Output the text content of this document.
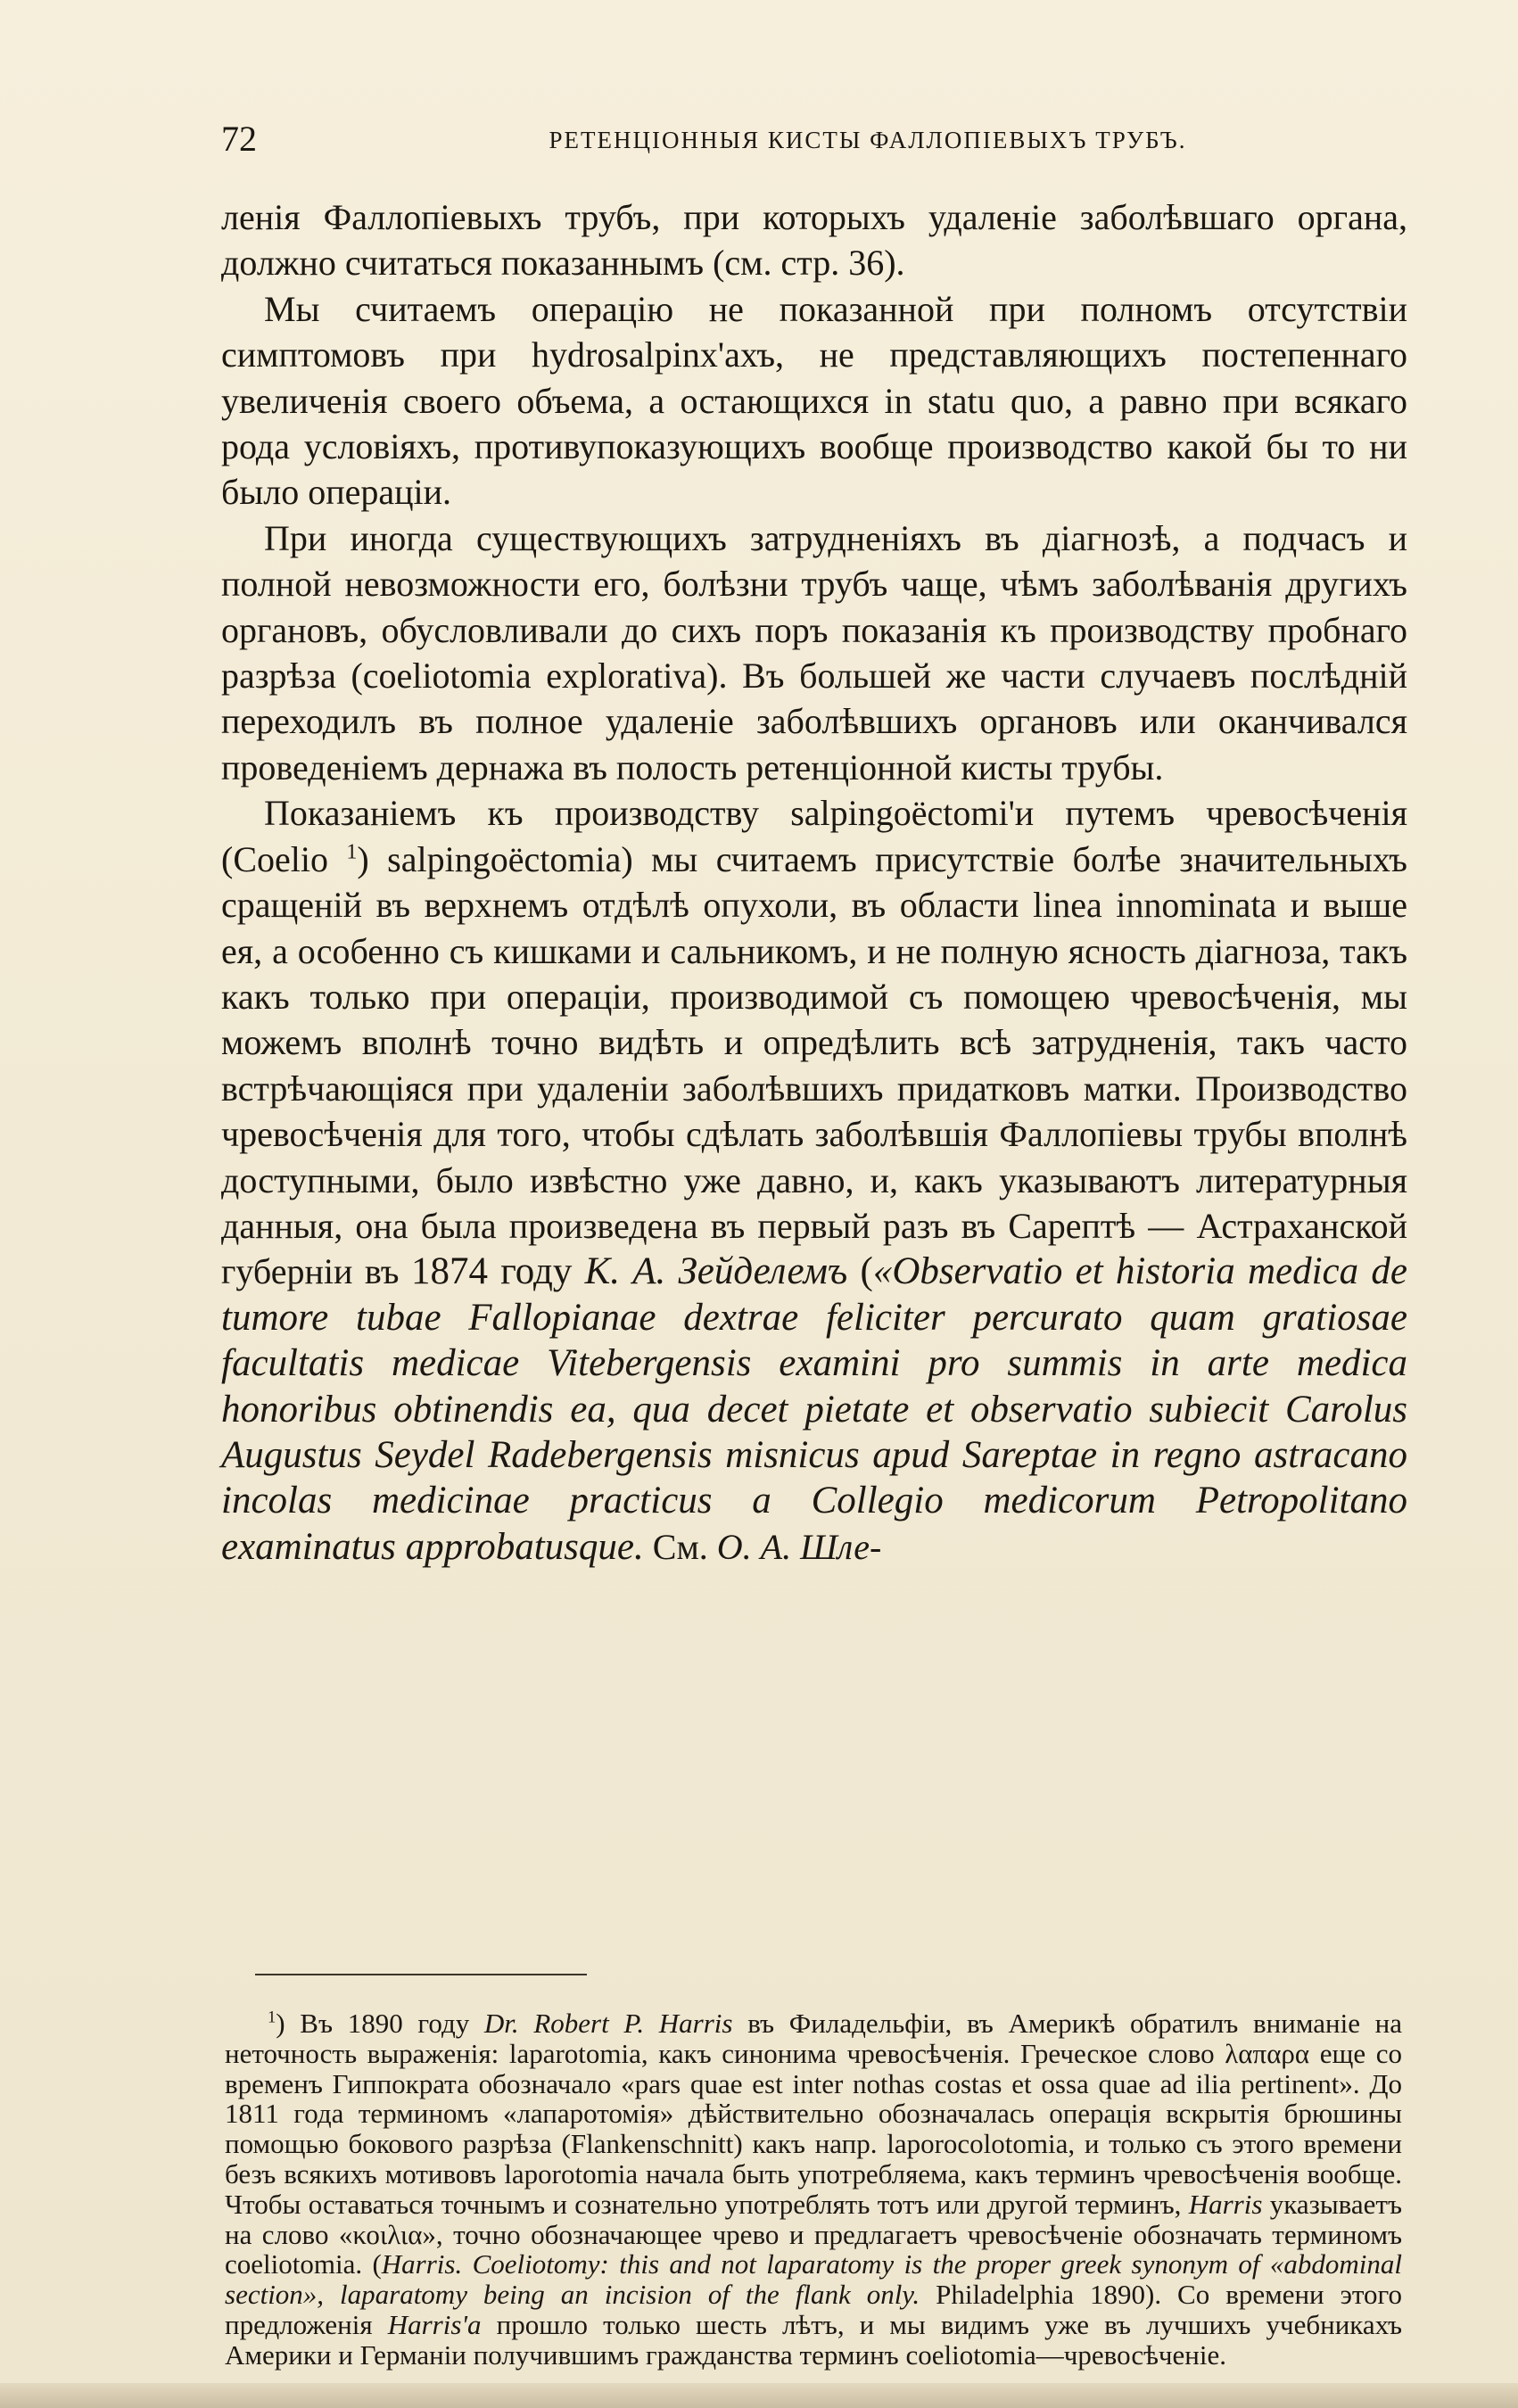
72	РЕТЕНЦІОННЫЯ КИСТЫ ФАЛЛОПІЕВЫХЪ ТРУБЪ.

ленія Фаллопіевыхъ трубъ, при которыхъ удаленіе заболѣвшаго органа, должно считаться показаннымъ (см. стр. 36).

Мы считаемъ операцію не показанной при полномъ отсутствіи симптомовъ при hydrosalpinx'ахъ, не представляющихъ постепеннаго увеличенія своего объема, а остающихся in statu quo, а равно при всякаго рода условіяхъ, противупоказующихъ вообще производство какой бы то ни было операціи.

При иногда существующихъ затрудненіяхъ въ діагнозѣ, а подчасъ и полной невозможности его, болѣзни трубъ чаще, чѣмъ заболѣванія другихъ органовъ, обусловливали до сихъ поръ показанія къ производству пробнаго разрѣза (coeliotomia explorativa). Въ большей же части случаевъ послѣдній переходилъ въ полное удаленіе заболѣвшихъ органовъ или оканчивался проведеніемъ дернажа въ полость ретенціонной кисты трубы.

Показаніемъ къ производству salpingoëctomi'и путемъ чревосѣченія (Coelio $^1$) salpingoëctomia) мы считаемъ присутствіе болѣе значительныхъ сращеній въ верхнемъ отдѣлѣ опухоли, въ области linea innominata и выше ея, а особенно съ кишками и сальникомъ, и не полную ясность діагноза, такъ какъ только при операціи, производимой съ помощею чревосѣченія, мы можемъ вполнѣ точно видѣть и опредѣлить всѣ затрудненія, такъ часто встрѣчающіяся при удаленіи заболѣвшихъ придатковъ матки. Производство чревосѣченія для того, чтобы сдѣлать заболѣвшія Фаллопіевы трубы вполнѣ доступными, было извѣстно уже давно, и, какъ указываютъ литературныя данныя, она была произведена въ первый разъ въ Сарептѣ — Астраханской губерніи въ 1874 году К. А. Зейделемъ («Observatio et historia medica de tumore tubae Fallopianae dextrae feliciter percurato quam gratiosae facultatis medicae Vitebergensis examini pro summis in arte medica honoribus obtinendis ea, qua decet pietate et observatio subiecit Carolus Augustus Seydel Radebergensis misnicus apud Sareptae in regno astracano incolas medicinae practicus a Collegio medicorum Petropolitano examinatus approbatusque. См. О. А. Шле-

$^1$) Въ 1890 году Dr. Robert P. Harris въ Филадельфіи, въ Америкѣ обратилъ вниманіе на неточность выраженія: laparotomia, какъ синонима чревосѣченія. Греческое слово λαπαρα еще со временъ Гиппократа обозначало «pars quae est inter nothas costas et ossa quae ad ilia pertinent». До 1811 года терминомъ «лапаротомія» дѣйствительно обозначалась операція вскрытія брюшины помощью бокового разрѣза (Flankenschnitt) какъ напр. laporocolotomia, и только съ этого времени безъ всякихъ мотивовъ laporotomia начала быть употребляема, какъ терминъ чревосѣченія вообще. Чтобы оставаться точнымъ и сознательно употреблять тотъ или другой терминъ, Harris указываетъ на слово «κοιλια», точно обозначающее чрево и предлагаетъ чревосѣченіе обозначать терминомъ coeliotomia. (Harris. Coeliotomy: this and not laparatomy is the proper greek synonym of «abdominal section», laparatomy being an incision of the flank only. Philadelphia 1890). Со времени этого предложенія Harris'a прошло только шесть лѣтъ, и мы видимъ уже въ лучшихъ учебникахъ Америки и Германіи получившимъ гражданства терминъ coeliotomia—чревосѣченіе.
